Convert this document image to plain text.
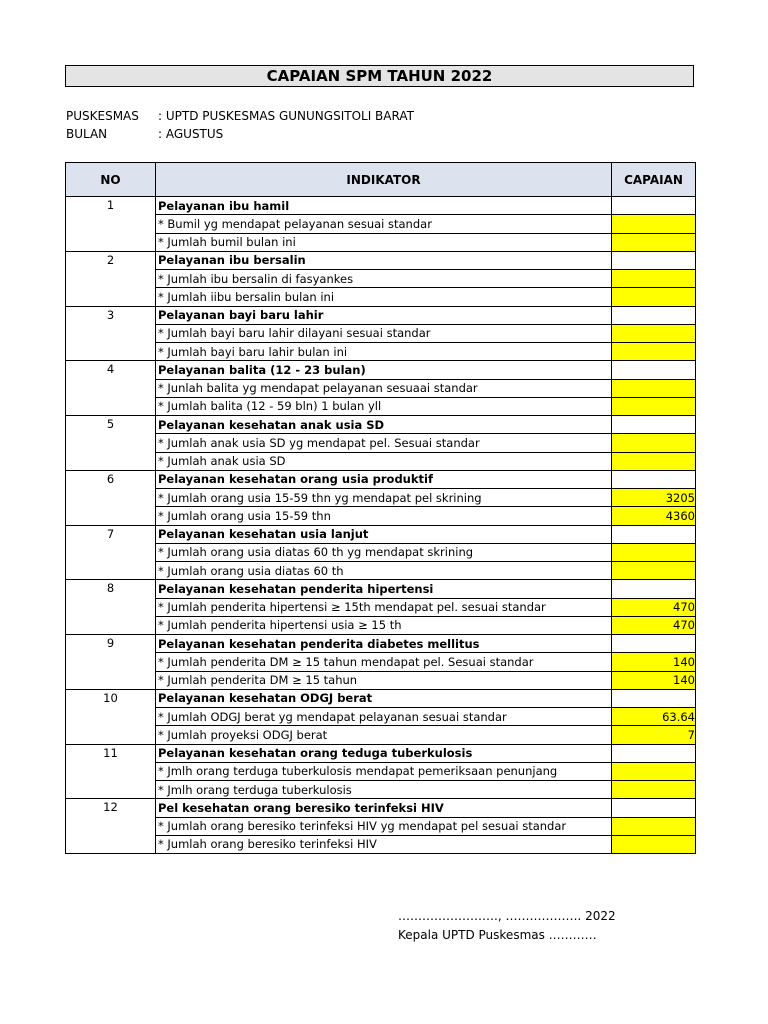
CAPAIAN SPM TAHUN 2022
PUSKESMAS : UPTD PUSKESMAS GUNUNGSITOLI BARAT
BULAN	: AGUSTUS
NO	INDIKATOR	CAPAIAN
1	Pelayanan ibu hamil	
	* Bumil yg mendapat pelayanan sesuai standar	
	* Jumlah bumil bulan ini	
2	Pelayanan ibu bersalin	
	* Jumlah ibu bersalin di fasyankes	
	* Jumlah iibu bersalin bulan ini	
3	Pelayanan bayi baru lahir	
	* Jumlah bayi baru lahir dilayani sesuai standar	
	* Jumlah bayi baru lahir bulan ini	
4	Pelayanan balita (12 - 23 bulan)	
	* Junlah balita yg mendapat pelayanan sesuaai standar	
	* Jumlah balita (12 - 59 bln) 1 bulan yll	
5	Pelayanan kesehatan anak usia SD	
	* Jumlah anak usia SD yg mendapat pel. Sesuai standar	
	* Jumlah anak usia SD	
6	Pelayanan kesehatan orang usia produktif	
	* Jumlah orang usia 15-59 thn yg mendapat pel skrining	3205
	* Jumlah orang usia 15-59 thn	4360
7	Pelayanan kesehatan usia lanjut	
	* Jumlah orang usia diatas 60 th yg mendapat skrining	
	* Jumlah orang usia diatas 60 th	
8	Pelayanan kesehatan penderita hipertensi	
	* Jumlah penderita hipertensi ≥ 15th mendapat pel. sesuai standar	470
	* Jumlah penderita hipertensi usia ≥ 15 th	470
9	Pelayanan kesehatan penderita diabetes mellitus	
	* Jumlah penderita DM ≥ 15 tahun mendapat pel. Sesuai standar	140
	* Jumlah penderita DM ≥ 15 tahun	140
10	Pelayanan kesehatan ODGJ berat	
	* Jumlah ODGJ berat yg mendapat pelayanan sesuai standar	63.64
	* Jumlah proyeksi ODGJ berat	7
11	Pelayanan kesehatan orang teduga tuberkulosis	
	* Jmlh orang terduga tuberkulosis mendapat pemeriksaan penunjang	
	* Jmlh orang terduga tuberkulosis	
12	Pel kesehatan orang beresiko terinfeksi HIV	
	* Jumlah orang beresiko terinfeksi HIV yg mendapat pel sesuai standar	
	* Jumlah orang beresiko terinfeksi HIV	
……………………., ………………. 2022
Kepala UPTD Puskesmas …………
